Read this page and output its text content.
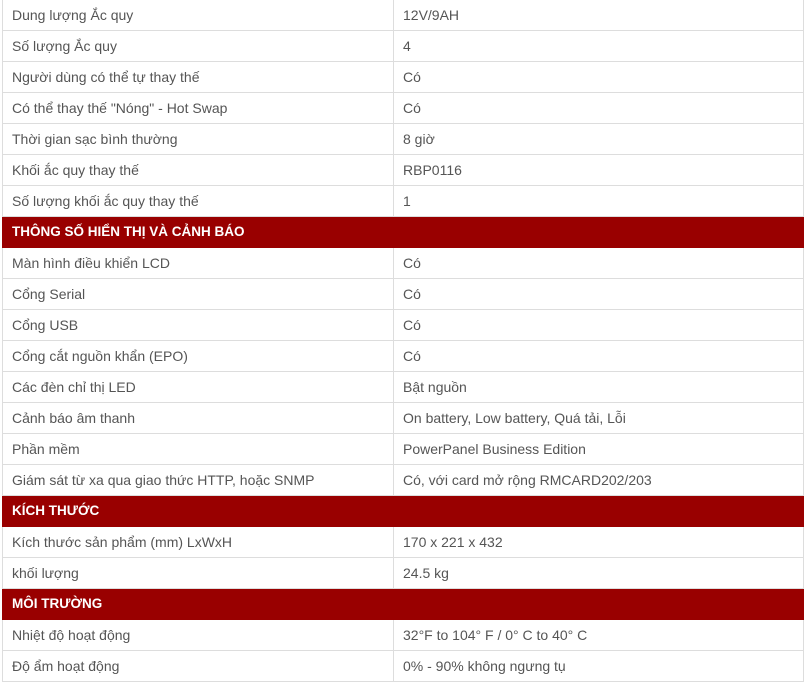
Dung lượng Ắc quy	12V/9AH
Số lượng Ắc quy	4
Người dùng có thể tự thay thế	Có
Có thể thay thế "Nóng" - Hot Swap	Có
Thời gian sạc bình thường	8 giờ
Khối ắc quy thay thế	RBP0116
Số lượng khối ắc quy thay thế	1
THÔNG SỐ HIỂN THỊ VÀ CẢNH BÁO	
Màn hình điều khiển LCD	Có
Cổng Serial	Có
Cổng USB	Có
Cổng cắt nguồn khẩn (EPO)	Có
Các đèn chỉ thị LED	Bật nguồn
Cảnh báo âm thanh	On battery, Low battery, Quá tải, Lỗi
Phần mềm	PowerPanel Business Edition
Giám sát từ xa qua giao thức HTTP, hoặc SNMP	Có, với card mở rộng RMCARD202/203
KÍCH THƯỚC	
Kích thước sản phẩm (mm) LxWxH	170 x 221 x 432
khối lượng	24.5 kg
MÔI TRƯỜNG	
Nhiệt độ hoạt động	32°F to 104° F / 0° C to 40° C
Độ ẩm hoạt động	0% - 90% không ngưng tụ
